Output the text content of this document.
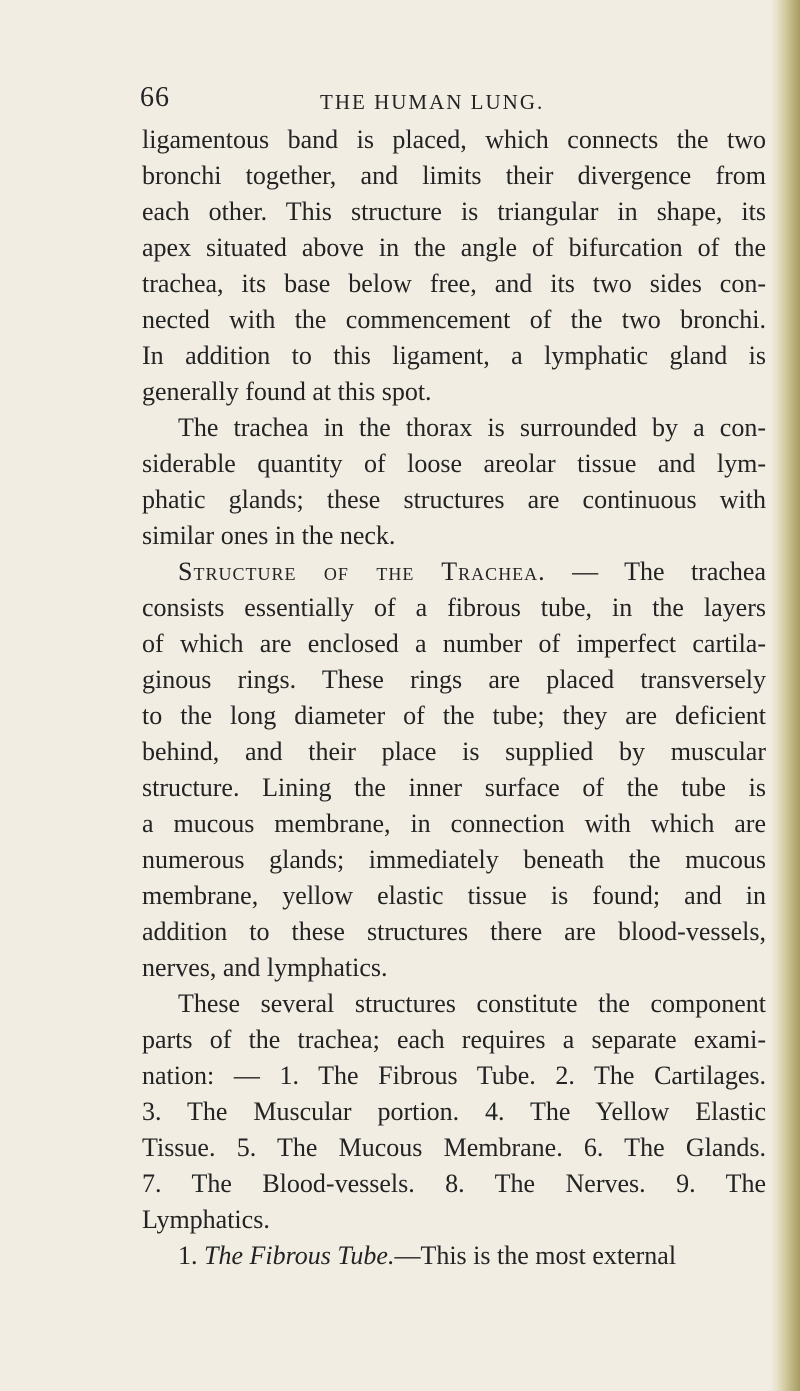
66	THE HUMAN LUNG.
ligamentous band is placed, which connects the two
bronchi together, and limits their divergence from
each other. This structure is triangular in shape, its
apex situated above in the angle of bifurcation of the
trachea, its base below free, and its two sides con-
nected with the commencement of the two bronchi.
In addition to this ligament, a lymphatic gland is
generally found at this spot.
The trachea in the thorax is surrounded by a con-
siderable quantity of loose areolar tissue and lym-
phatic glands; these structures are continuous with
similar ones in the neck.
Structure of the Trachea. — The trachea
consists essentially of a fibrous tube, in the layers
of which are enclosed a number of imperfect cartila-
ginous rings. These rings are placed transversely
to the long diameter of the tube; they are deficient
behind, and their place is supplied by muscular
structure. Lining the inner surface of the tube is
a mucous membrane, in connection with which are
numerous glands; immediately beneath the mucous
membrane, yellow elastic tissue is found; and in
addition to these structures there are blood-vessels,
nerves, and lymphatics.
These several structures constitute the component
parts of the trachea; each requires a separate exami-
nation: — 1. The Fibrous Tube. 2. The Cartilages.
3. The Muscular portion. 4. The Yellow Elastic
Tissue. 5. The Mucous Membrane. 6. The Glands.
7. The Blood-vessels. 8. The Nerves. 9. The
Lymphatics.
1. The Fibrous Tube.—This is the most external
